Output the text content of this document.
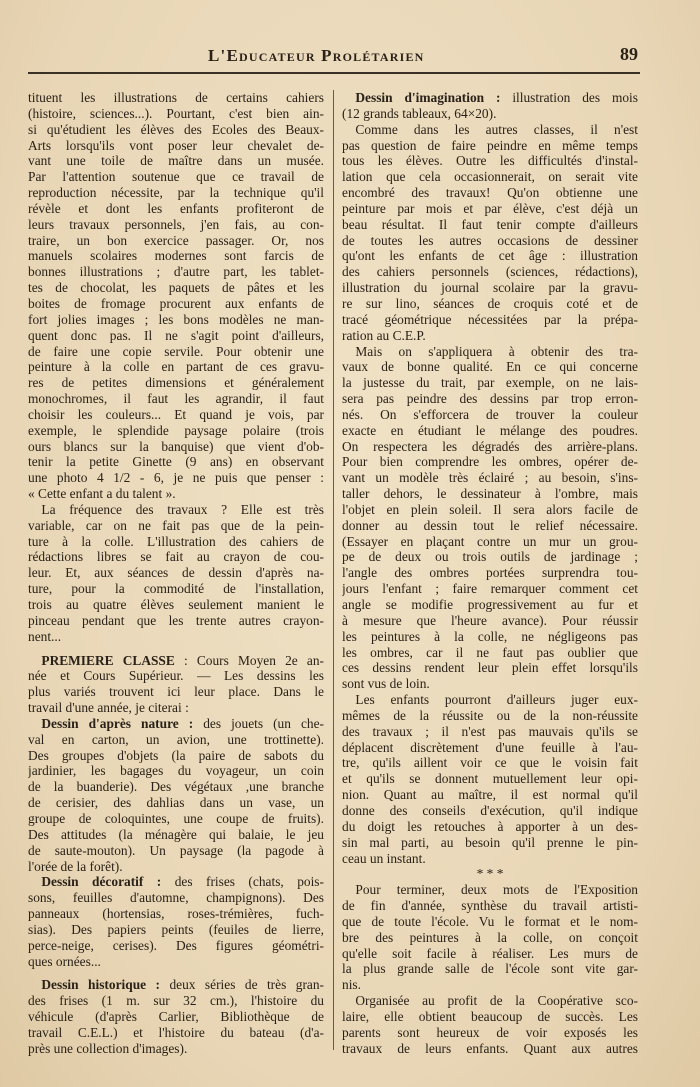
L'Educateur Prolétarien	89
tituent les illustrations de certains cahiers
(histoire, sciences...). Pourtant, c'est bien ain-
si qu'étudient les élèves des Ecoles des Beaux-
Arts lorsqu'ils vont poser leur chevalet de-
vant une toile de maître dans un musée.
Par l'attention soutenue que ce travail de
reproduction nécessite, par la technique qu'il
révèle et dont les enfants profiteront de
leurs travaux personnels, j'en fais, au con-
traire, un bon exercice passager. Or, nos
manuels scolaires modernes sont farcis de
bonnes illustrations ; d'autre part, les tablet-
tes de chocolat, les paquets de pâtes et les
boites de fromage procurent aux enfants de
fort jolies images ; les bons modèles ne man-
quent donc pas. Il ne s'agit point d'ailleurs,
de faire une copie servile. Pour obtenir une
peinture à la colle en partant de ces gravu-
res de petites dimensions et généralement
monochromes, il faut les agrandir, il faut
choisir les couleurs... Et quand je vois, par
exemple, le splendide paysage polaire (trois
ours blancs sur la banquise) que vient d'ob-
tenir la petite Ginette (9 ans) en observant
une photo 4 1/2 - 6, je ne puis que penser :
« Cette enfant a du talent ».
 La fréquence des travaux ? Elle est très
variable, car on ne fait pas que de la pein-
ture à la colle. L'illustration des cahiers de
rédactions libres se fait au crayon de cou-
leur. Et, aux séances de dessin d'après na-
ture, pour la commodité de l'installation,
trois au quatre élèves seulement manient le
pinceau pendant que les trente autres crayon-
nent...
 PREMIERE CLASSE : Cours Moyen 2e an-
née et Cours Supérieur. — Les dessins les
plus variés trouvent ici leur place. Dans le
travail d'une année, je citerai :
 Dessin d'après nature : des jouets (un che-
val en carton, un avion, une trottinette).
Des groupes d'objets (la paire de sabots du
jardinier, les bagages du voyageur, un coin
de la buanderie). Des végétaux ,une branche
de cerisier, des dahlias dans un vase, un
groupe de coloquintes, une coupe de fruits).
Des attitudes (la ménagère qui balaie, le jeu
de saute-mouton). Un paysage (la pagode à
l'orée de la forêt).
 Dessin décoratif : des frises (chats, pois-
sons, feuilles d'automne, champignons). Des
panneaux (hortensias, roses-trémières, fuch-
sias). Des papiers peints (feuiles de lierre,
perce-neige, cerises). Des figures géométri-
ques ornées...
 Dessin historique : deux séries de très gran-
des frises (1 m. sur 32 cm.), l'histoire du
véhicule (d'après Carlier, Bibliothèque de
travail C.E.L.) et l'histoire du bateau (d'a-
près une collection d'images).
 Dessin d'imagination : illustration des mois
(12 grands tableaux, 64×20).
 Comme dans les autres classes, il n'est
pas question de faire peindre en même temps
tous les élèves. Outre les difficultés d'instal-
lation que cela occasionnerait, on serait vite
encombré des travaux! Qu'on obtienne une
peinture par mois et par élève, c'est déjà un
beau résultat. Il faut tenir compte d'ailleurs
de toutes les autres occasions de dessiner
qu'ont les enfants de cet âge : illustration
des cahiers personnels (sciences, rédactions),
illustration du journal scolaire par la gravu-
re sur lino, séances de croquis coté et de
tracé géométrique nécessitées par la prépa-
ration au C.E.P.
 Mais on s'appliquera à obtenir des tra-
vaux de bonne qualité. En ce qui concerne
la justesse du trait, par exemple, on ne lais-
sera pas peindre des dessins par trop erron-
nés. On s'efforcera de trouver la couleur
exacte en étudiant le mélange des poudres.
On respectera les dégradés des arrière-plans.
Pour bien comprendre les ombres, opérer de-
vant un modèle très éclairé ; au besoin, s'ins-
taller dehors, le dessinateur à l'ombre, mais
l'objet en plein soleil. Il sera alors facile de
donner au dessin tout le relief nécessaire.
(Essayer en plaçant contre un mur un grou-
pe de deux ou trois outils de jardinage ;
l'angle des ombres portées surprendra tou-
jours l'enfant ; faire remarquer comment cet
angle se modifie progressivement au fur et
à mesure que l'heure avance). Pour réussir
les peintures à la colle, ne négligeons pas
les ombres, car il ne faut pas oublier que
ces dessins rendent leur plein effet lorsqu'ils
sont vus de loin.
 Les enfants pourront d'ailleurs juger eux-
mêmes de la réussite ou de la non-réussite
des travaux ; il n'est pas mauvais qu'ils se
déplacent discrètement d'une feuille à l'au-
tre, qu'ils aillent voir ce que le voisin fait
et qu'ils se donnent mutuellement leur opi-
nion. Quant au maître, il est normal qu'il
donne des conseils d'exécution, qu'il indique
du doigt les retouches à apporter à un des-
sin mal parti, au besoin qu'il prenne le pin-
ceau un instant.
* * *
 Pour terminer, deux mots de l'Exposition
de fin d'année, synthèse du travail artisti-
que de toute l'école. Vu le format et le nom-
bre des peintures à la colle, on conçoit
qu'elle soit facile à réaliser. Les murs de
la plus grande salle de l'école sont vite gar-
nis.
 Organisée au profit de la Coopérative sco-
laire, elle obtient beaucoup de succès. Les
parents sont heureux de voir exposés les
travaux de leurs enfants. Quant aux autres
